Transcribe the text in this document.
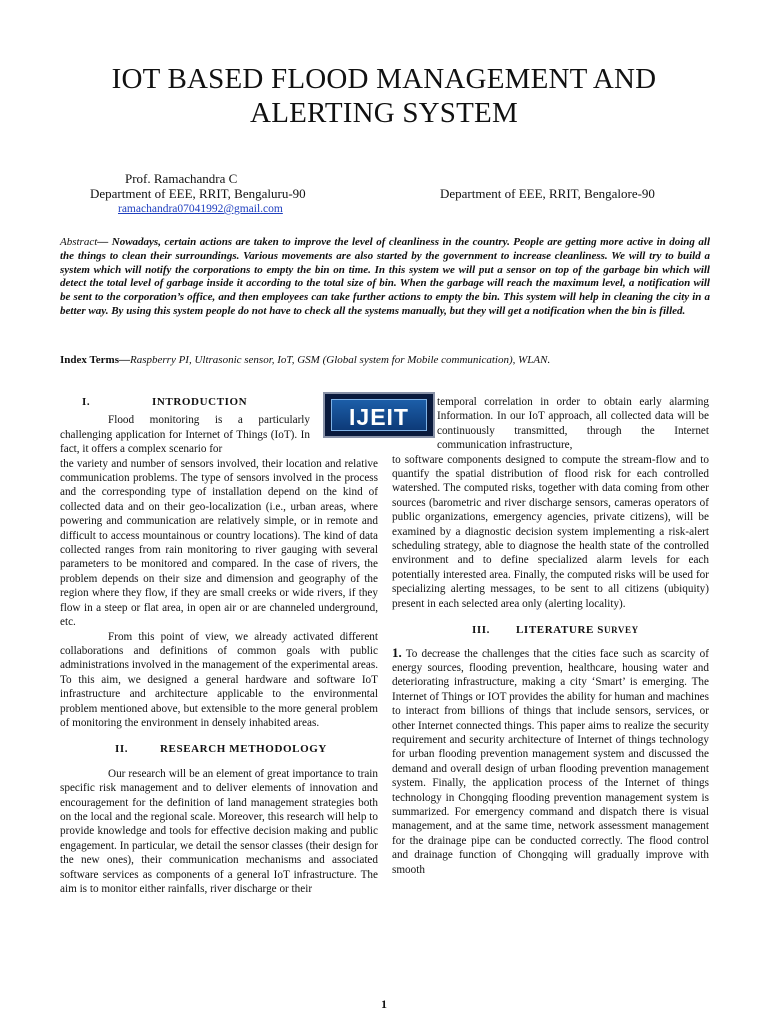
IOT BASED FLOOD MANAGEMENT AND
ALERTING SYSTEM
Prof. Ramachandra C
Department of EEE, RRIT, Bengaluru-90
ramachandra07041992@gmail.com
Department of EEE, RRIT, Bengalore-90
Abstract— Nowadays, certain actions are taken to improve the level of cleanliness in the country. People are getting more active in doing all the things to clean their surroundings. Various movements are also started by the government to increase cleanliness. We will try to build a system which will notify the corporations to empty the bin on time. In this system we will put a sensor on top of the garbage bin which will detect the total level of garbage inside it according to the total size of bin. When the garbage will reach the maximum level, a notification will be sent to the corporation’s office, and then employees can take further actions to empty the bin. This system will help in cleaning the city in a better way. By using this system people do not have to check all the systems manually, but they will get a notification when the bin is filled.
Index Terms—Raspberry PI, Ultrasonic sensor, IoT, GSM (Global system for Mobile communication), WLAN.
IJEIT
I.	INTRODUCTION

Flood monitoring is a particularly challenging application for Internet of Things (IoT). In fact, it offers a complex scenario for

the variety and number of sensors involved, their location and relative communication problems. The type of sensors involved in the process and the corresponding type of installation depend on the kind of collected data and on their geo-localization (i.e., urban areas, where powering and communication are relatively simple, or in remote and difficult to access mountainous or country locations). The kind of data collected ranges from rain monitoring to river gauging with several parameters to be monitored and compared. In the case of rivers, the problem depends on their size and dimension and geography of the region where they flow, if they are small creeks or wide rivers, if they flow in a steep or flat area, in open air or are channeled underground, etc.

From this point of view, we already activated different collaborations and definitions of common goals with public administrations involved in the management of the experimental areas. To this aim, we designed a general hardware and software IoT infrastructure and architecture applicable to the environmental problem mentioned above, but extensible to the more general problem of monitoring the environment in densely inhabited areas.

II.	RESEARCH METHODOLOGY

Our research will be an element of great importance to train specific risk management and to deliver elements of innovation and encouragement for the definition of land management strategies both on the local and the regional scale. Moreover, this research will help to provide knowledge and tools for effective decision making and public engagement. In particular, we detail the sensor classes (their design for the new ones), their communication mechanisms and associated software services as components of a general IoT infrastructure. The aim is to monitor either rainfalls, river discharge or their

temporal correlation in order to obtain early alarming Information. In our IoT approach, all collected data will be continuously transmitted, through the Internet communication infrastructure,

to software components designed to compute the stream-flow and to quantify the spatial distribution of flood risk for each controlled watershed. The computed risks, together with data coming from other sources (barometric and river discharge sensors, cameras operators of public organizations, emergency agencies, private citizens), will be examined by a diagnostic decision system implementing a risk-alert scheduling strategy, able to diagnose the health state of the controlled environment and to define specialized alarm levels for each potentially interested area. Finally, the computed risks will be used for specializing alerting messages, to be sent to all citizens (ubiquity) present in each selected area only (alerting locality).

III. LITERATURE SURVEY

1. To decrease the challenges that the cities face such as scarcity of energy sources, flooding prevention, healthcare, housing water and deteriorating infrastructure, making a city ‘Smart’ is emerging. The Internet of Things or IOT provides the ability for human and machines to interact from billions of things that include sensors, services, or other Internet connected things. This paper aims to realize the security requirement and security architecture of Internet of things technology for urban flooding prevention management system and discussed the demand and overall design of urban flooding prevention management system. Finally, the application process of the Internet of things technology in Chongqing flooding prevention management system is summarized. For emergency command and dispatch there is visual management, and at the same time, network assessment management for the drainage pipe can be conducted correctly. The flood control and drainage function of Chongqing will gradually improve with smooth

1
